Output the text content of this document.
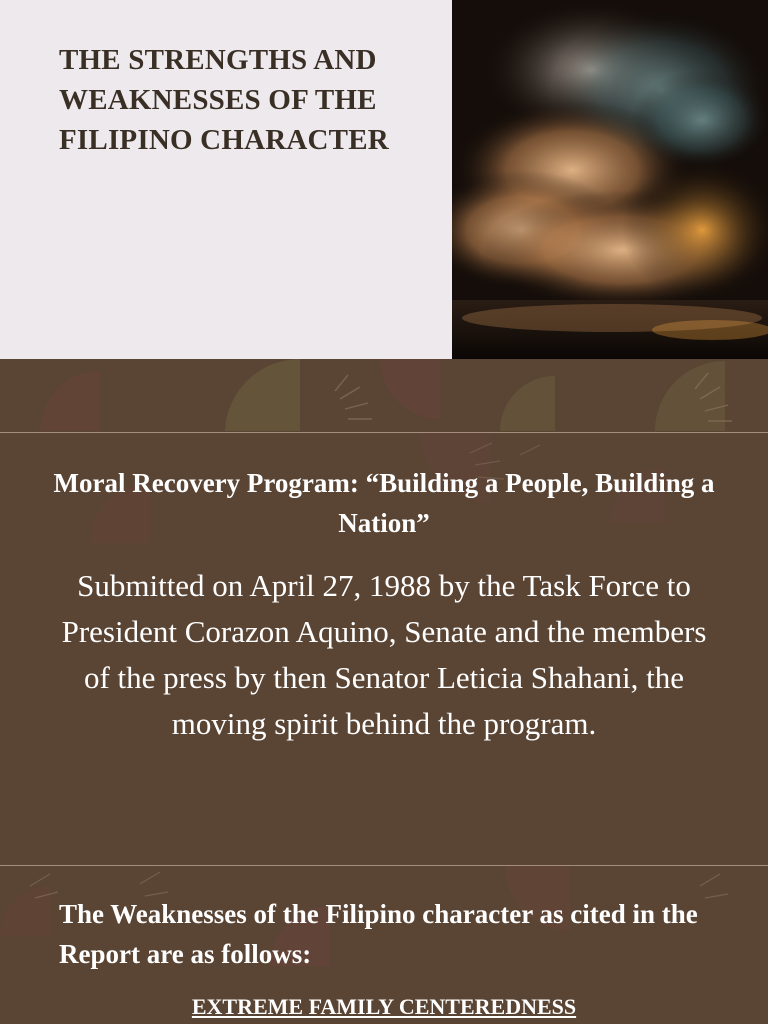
THE STRENGTHS AND WEAKNESSES OF THE FILIPINO CHARACTER
Moral Recovery Program: “Building a People, Building a Nation”

Submitted on April 27, 1988 by the Task Force to President Corazon Aquino, Senate and the members of the press by then Senator Leticia Shahani, the moving spirit behind the program.

The Weaknesses of the Filipino character as cited in the Report are as follows:

EXTREME FAMILY CENTEREDNESS
